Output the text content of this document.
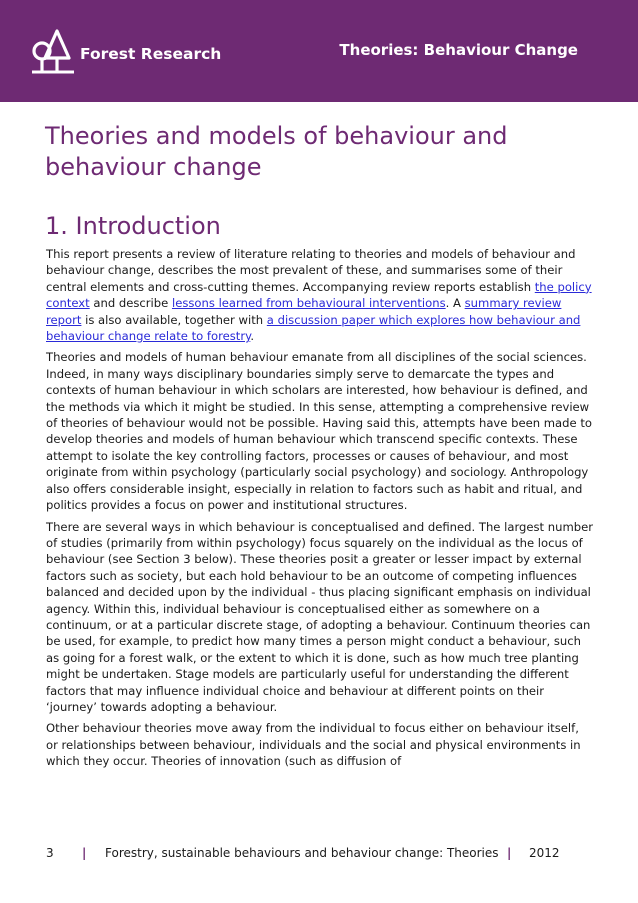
Forest Research	Theories: Behaviour Change
Theories and models of behaviour and behaviour change
1. Introduction

This report presents a review of literature relating to theories and models of behaviour and behaviour change, describes the most prevalent of these, and summarises some of their central elements and cross-cutting themes. Accompanying review reports establish the policy context and describe lessons learned from behavioural interventions. A summary review report is also available, together with a discussion paper which explores how behaviour and behaviour change relate to forestry.

Theories and models of human behaviour emanate from all disciplines of the social sciences. Indeed, in many ways disciplinary boundaries simply serve to demarcate the types and contexts of human behaviour in which scholars are interested, how behaviour is defined, and the methods via which it might be studied. In this sense, attempting a comprehensive review of theories of behaviour would not be possible. Having said this, attempts have been made to develop theories and models of human behaviour which transcend specific contexts. These attempt to isolate the key controlling factors, processes or causes of behaviour, and most originate from within psychology (particularly social psychology) and sociology. Anthropology also offers considerable insight, especially in relation to factors such as habit and ritual, and politics provides a focus on power and institutional structures.

There are several ways in which behaviour is conceptualised and defined. The largest number of studies (primarily from within psychology) focus squarely on the individual as the locus of behaviour (see Section 3 below). These theories posit a greater or lesser impact by external factors such as society, but each hold behaviour to be an outcome of competing influences balanced and decided upon by the individual - thus placing significant emphasis on individual agency. Within this, individual behaviour is conceptualised either as somewhere on a continuum, or at a particular discrete stage, of adopting a behaviour. Continuum theories can be used, for example, to predict how many times a person might conduct a behaviour, such as going for a forest walk, or the extent to which it is done, such as how much tree planting might be undertaken. Stage models are particularly useful for understanding the different factors that may influence individual choice and behaviour at different points on their ‘journey’ towards adopting a behaviour.

Other behaviour theories move away from the individual to focus either on behaviour itself, or relationships between behaviour, individuals and the social and physical environments in which they occur. Theories of innovation (such as diffusion of

3 | Forestry, sustainable behaviours and behaviour change: Theories | 2012
